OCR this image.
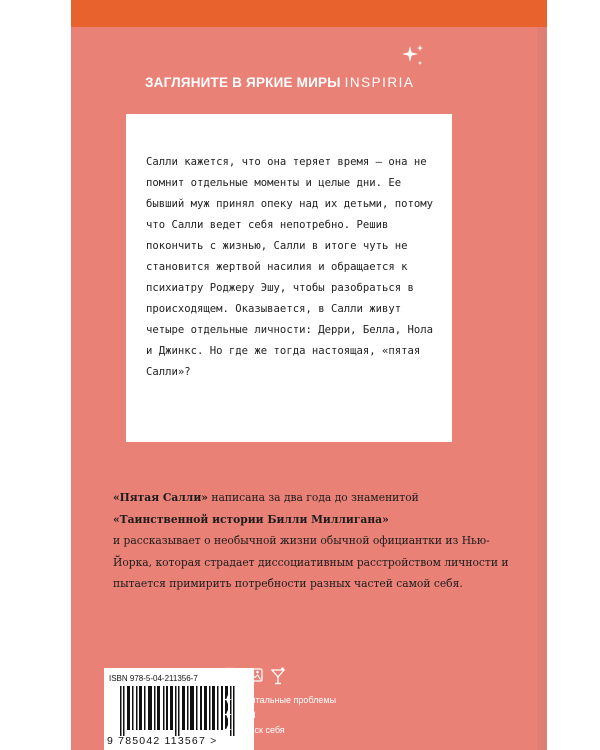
ЗАГЛЯНИТЕ В ЯРКИЕ МИРЫ INSPIRIA

Салли кажется, что она теряет время – она не помнит отдельные моменты и целые дни. Ее бывший муж принял опеку над их детьми, потому что Салли ведет себя непотребно. Решив покончить с жизнью, Салли в итоге чуть не становится жертвой насилия и обращается к психиатру Роджеру Эшу, чтобы разобраться в происходящем. Оказывается, в Салли живут четыре отдельные личности: Дерри, Белла, Нола и Джинкс. Но где же тогда настоящая, «пятая Салли»?

«Пятая Салли» написана за два года до знаменитой
«Таинственной истории Билли Миллигана»
и рассказывает о необычной жизни обычной официантки из Нью-Йорка, которая страдает диссоциативным расстройством личности и пытается примирить потребности разных частей самой себя.

ISBN 978-5-04-211356-7
9 785042 113567 >
Ментальные проблемы
ДРЛ
Поиск себя
